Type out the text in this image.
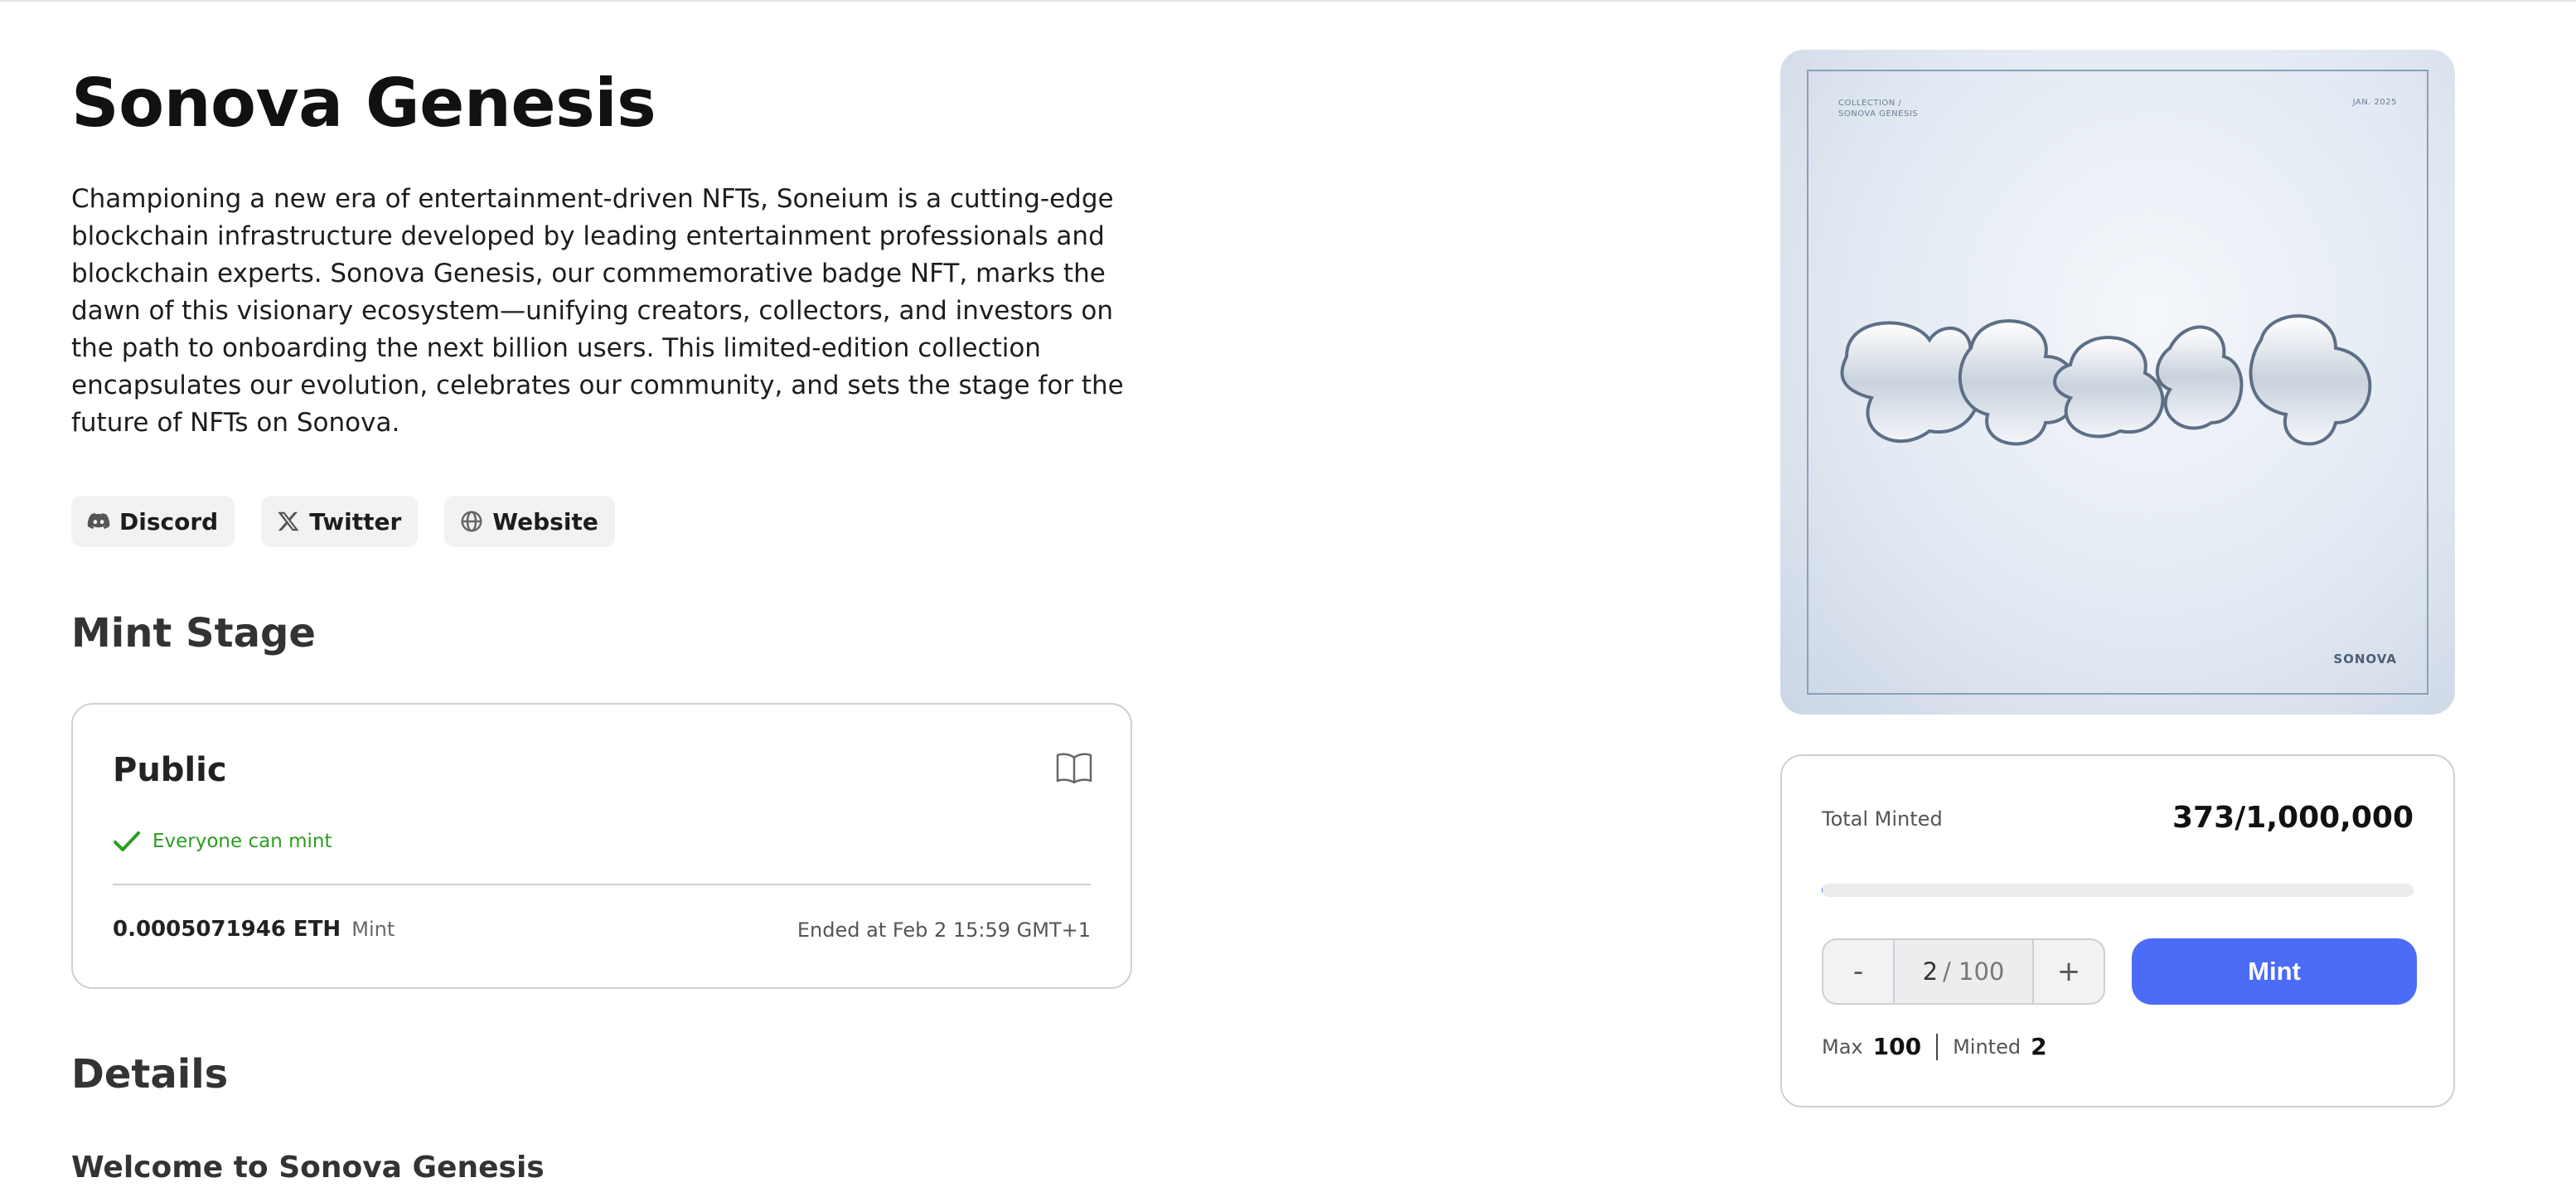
Sonova Genesis

Championing a new era of entertainment-driven NFTs, Soneium is a cutting-edge blockchain infrastructure developed by leading entertainment professionals and blockchain experts. Sonova Genesis, our commemorative badge NFT, marks the dawn of this visionary ecosystem—unifying creators, collectors, and investors on the path to onboarding the next billion users. This limited-edition collection encapsulates our evolution, celebrates our community, and sets the stage for the future of NFTs on Sonova.

Discord	Twitter	Website
Mint Stage
Public
Everyone can mint
0.0005071946 ETH Mint	Ended at Feb 2 15:59 GMT+1
Details
Welcome to Sonova Genesis
COLLECTION /
SONOVA GENESIS
JAN. 2025
SONOVA
Total Minted	373/1,000,000
-	2 / 100	+	Mint
Max 100 Minted 2
